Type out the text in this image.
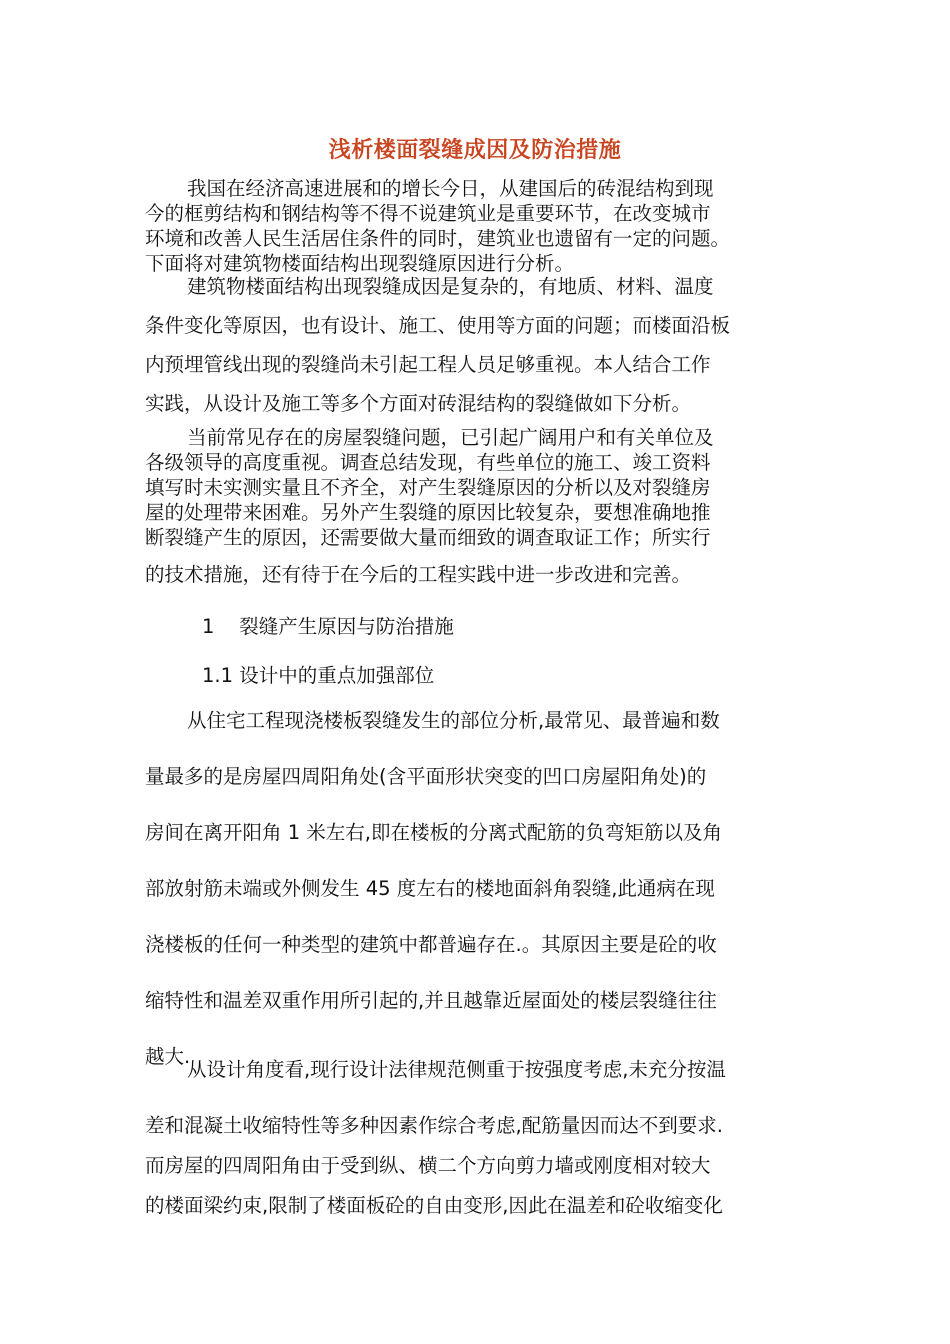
浅析楼面裂缝成因及防治措施
我国在经济高速进展和的增长今日，从建国后的砖混结构到现
今的框剪结构和钢结构等不得不说建筑业是重要环节，在改变城市
环境和改善人民生活居住条件的同时，建筑业也遗留有一定的问题。
下面将对建筑物楼面结构出现裂缝原因进行分析。
建筑物楼面结构出现裂缝成因是复杂的，有地质、材料、温度
条件变化等原因，也有设计、施工、使用等方面的问题；而楼面沿板
内预埋管线出现的裂缝尚未引起工程人员足够重视。本人结合工作
实践，从设计及施工等多个方面对砖混结构的裂缝做如下分析。
当前常见存在的房屋裂缝问题，已引起广阔用户和有关单位及
各级领导的高度重视。调查总结发现，有些单位的施工、竣工资料
填写时未实测实量且不齐全，对产生裂缝原因的分析以及对裂缝房
屋的处理带来困难。另外产生裂缝的原因比较复杂，要想准确地推
断裂缝产生的原因，还需要做大量而细致的调查取证工作；所实行
的技术措施，还有待于在今后的工程实践中进一步改进和完善。
1    裂缝产生原因与防治措施
1.1 设计中的重点加强部位
从住宅工程现浇楼板裂缝发生的部位分析,最常见、最普遍和数
量最多的是房屋四周阳角处(含平面形状突变的凹口房屋阳角处)的
房间在离开阳角 1 米左右,即在楼板的分离式配筋的负弯矩筋以及角
部放射筋未端或外侧发生 45 度左右的楼地面斜角裂缝,此通病在现
浇楼板的任何一种类型的建筑中都普遍存在.。其原因主要是砼的收
缩特性和温差双重作用所引起的,并且越靠近屋面处的楼层裂缝往往
越大.
从设计角度看,现行设计法律规范侧重于按强度考虑,未充分按温
差和混凝土收缩特性等多种因素作综合考虑,配筋量因而达不到要求.
而房屋的四周阳角由于受到纵、横二个方向剪力墙或刚度相对较大
的楼面梁约束,限制了楼面板砼的自由变形,因此在温差和砼收缩变化
